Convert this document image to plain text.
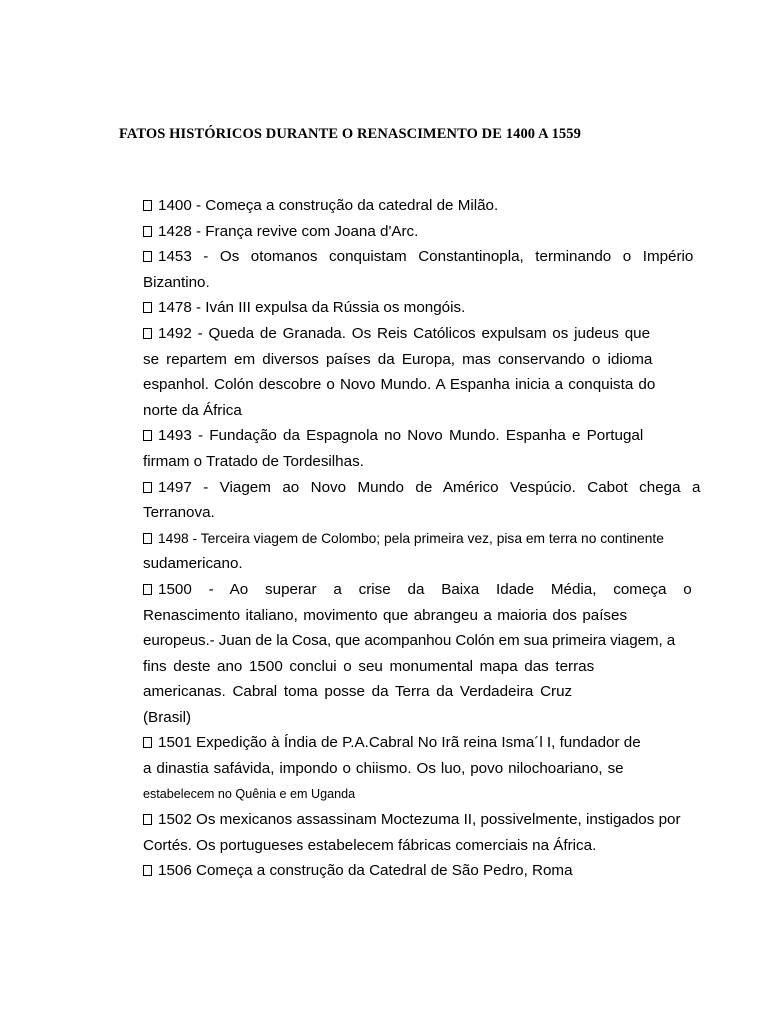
FATOS HISTÓRICOS DURANTE O RENASCIMENTO DE 1400 A 1559

1400 - Começa a construção da catedral de Milão.

1428 - França revive com Joana d'Arc.

1453 - Os otomanos conquistam Constantinopla, terminando o Império
Bizantino.

1478 - Iván III expulsa da Rússia os mongóis.

1492 - Queda de Granada. Os Reis Católicos expulsam os judeus que
se repartem em diversos países da Europa, mas conservando o idioma
espanhol. Colón descobre o Novo Mundo. A Espanha inicia a conquista do
norte da África

1493 - Fundação da Espagnola no Novo Mundo. Espanha e Portugal
firmam o Tratado de Tordesilhas.

1497 - Viagem ao Novo Mundo de Américo Vespúcio. Cabot chega a
Terranova.

1498 - Terceira viagem de Colombo; pela primeira vez, pisa em terra no continente
sudamericano.

1500 - Ao superar a crise da Baixa Idade Média, começa o
Renascimento italiano, movimento que abrangeu a maioria dos países
europeus.- Juan de la Cosa, que acompanhou Colón em sua primeira viagem, a
fins deste ano 1500 conclui o seu monumental mapa das terras
americanas. Cabral toma posse da Terra da Verdadeira Cruz
(Brasil)

1501 Expedição à Índia de P.A.Cabral No Irã reina Isma´l I, fundador de
a dinastia safávida, impondo o chiismo. Os luo, povo nilochoariano, se
estabelecem no Quênia e em Uganda

1502 Os mexicanos assassinam Moctezuma II, possivelmente, instigados por
Cortés. Os portugueses estabelecem fábricas comerciais na África.

1506 Começa a construção da Catedral de São Pedro, Roma
